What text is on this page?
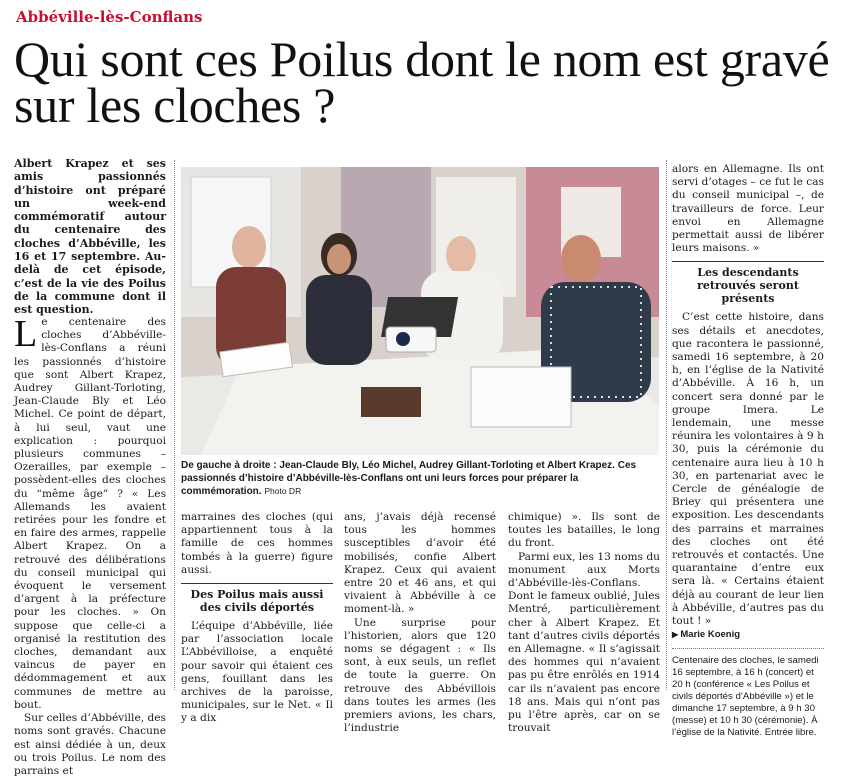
Abbéville-lès-Conflans
Qui sont ces Poilus dont le nom est gravé sur les cloches ?
Albert Krapez et ses amis passionnés d’histoire ont préparé un week-end commémoratif autour du centenaire des cloches d’Abbéville, les 16 et 17 septembre. Au-delà de cet épisode, c’est de la vie des Poilus de la commune dont il est question.

Le centenaire des cloches d’Abbéville-lès-Conflans a réuni les passionnés d’histoire que sont Albert Krapez, Audrey Gillant-Torloting, Jean-Claude Bly et Léo Michel. Ce point de départ, à lui seul, vaut une explication : pourquoi plusieurs communes – Ozerailles, par exemple – possèdent-elles des cloches du “même âge” ? « Les Allemands les avaient retirées pour les fondre et en faire des armes, rappelle Albert Krapez. On a retrouvé des délibérations du conseil municipal qui évoquent le versement d’argent à la préfecture pour les cloches. » On suppose que celle-ci a organisé la restitution des cloches, demandant aux vaincus de payer en dédommagement et aux communes de mettre au bout.

Sur celles d’Abbéville, des noms sont gravés. Chacune est ainsi dédiée à un, deux ou trois Poilus. Le nom des parrains et

De gauche à droite : Jean-Claude Bly, Léo Michel, Audrey Gillant-Torloting et Albert Krapez. Ces passionnés d’histoire d’Abbéville-lès-Conflans ont uni leurs forces pour préparer la commémoration. Photo DR

marraines des cloches (qui appartiennent tous à la famille de ces hommes tombés à la guerre) figure aussi.

Des Poilus mais aussi des civils déportés

L’équipe d’Abbéville, liée par l’association locale L’Abbévilloise, a enquêté pour savoir qui étaient ces gens, fouillant dans les archives de la paroisse, municipales, sur le Net. « Il y a dix

ans, j’avais déjà recensé tous les hommes susceptibles d’avoir été mobilisés, confie Albert Krapez. Ceux qui avaient entre 20 et 46 ans, et qui vivaient à Abbéville à ce moment-là. »

Une surprise pour l’historien, alors que 120 noms se dégagent : « Ils sont, à eux seuls, un reflet de toute la guerre. On retrouve des Abbévillois dans toutes les armes (les premiers avions, les chars, l’industrie

chimique) ». Ils sont de toutes les batailles, le long du front.

Parmi eux, les 13 noms du monument aux Morts d’Abbéville-lès-Conflans. Dont le fameux oublié, Jules Mentré, particulièrement cher à Albert Krapez. Et tant d’autres civils déportés en Allemagne. « Il s’agissait des hommes qui n’avaient pas pu être enrôlés en 1914 car ils n’avaient pas encore 18 ans. Mais qui n’ont pas pu l’être après, car on se trouvait

alors en Allemagne. Ils ont servi d’otages – ce fut le cas du conseil municipal –, de travailleurs de force. Leur envoi en Allemagne permettait aussi de libérer leurs maisons. »

Les descendants retrouvés seront présents

C’est cette histoire, dans ses détails et anecdotes, que racontera le passionné, samedi 16 septembre, à 20 h, en l’église de la Nativité d’Abbéville. À 16 h, un concert sera donné par le groupe Imera. Le lendemain, une messe réunira les volontaires à 9 h 30, puis la cérémonie du centenaire aura lieu à 10 h 30, en partenariat avec le Cercle de généalogie de Briey qui présentera une exposition. Les descendants des parrains et marraines des cloches ont été retrouvés et contactés. Une quarantaine d’entre eux sera là. « Certains étaient déjà au courant de leur lien à Abbéville, d’autres pas du tout ! »

▶ Marie Koenig
Centenaire des cloches, le samedi 16 septembre, à 16 h (concert) et 20 h (conférence « Les Poilus et civils déportés d’Abbéville ») et le dimanche 17 septembre, à 9 h 30 (messe) et 10 h 30 (cérémonie). À l’église de la Nativité. Entrée libre.
